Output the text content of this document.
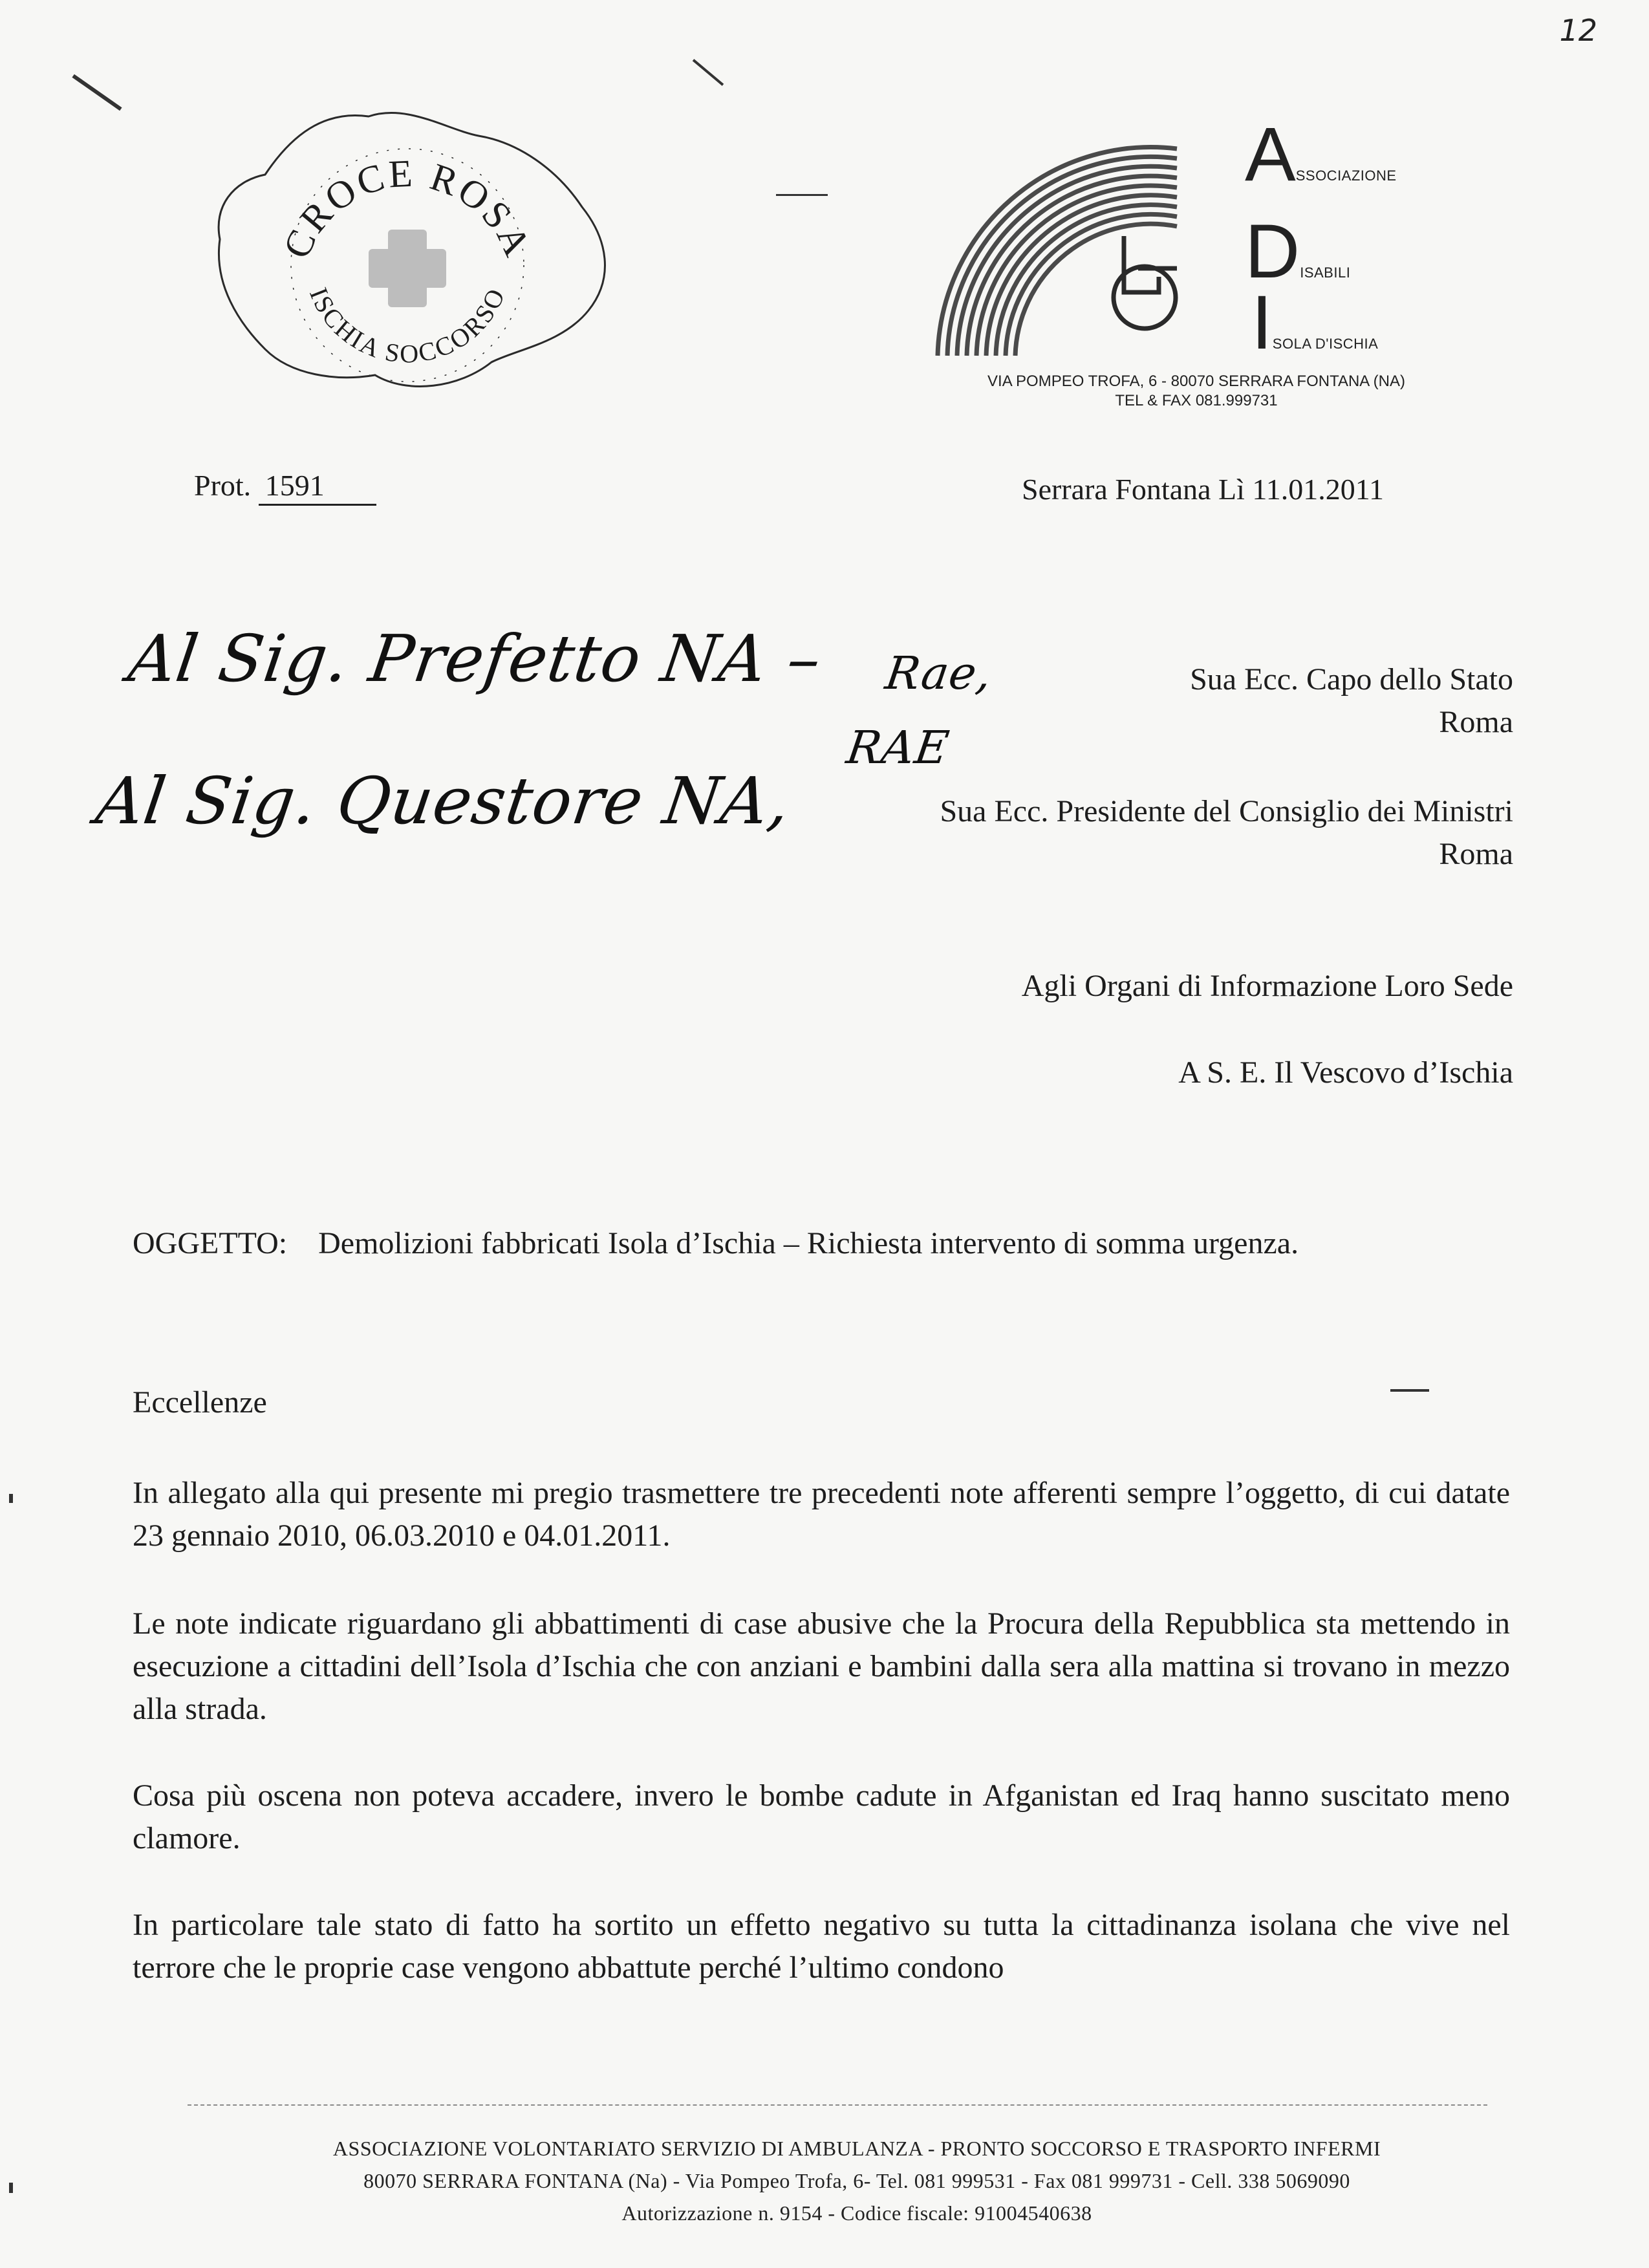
12
CROCE ROSA
ISCHIA SOCCORSO
ASSOCIAZIONE
DISABILI
ISOLA D'ISCHIA
VIA POMPEO TROFA, 6 - 80070 SERRARA FONTANA (NA)
TEL & FAX 081.999731
Prot. 1591	Serrara Fontana Lì 11.01.2011
Al Sig. Prefetto NA – Rae,
Al Sig. Questore NA,
RAE
Sua Ecc. Capo dello Stato
Roma
Sua Ecc. Presidente del Consiglio dei Ministri
Roma
Agli Organi di Informazione Loro Sede
A S. E. Il Vescovo d’Ischia
OGGETTO: Demolizioni fabbricati Isola d’Ischia – Richiesta intervento di somma urgenza.
Eccellenze
In allegato alla qui presente mi pregio trasmettere tre precedenti note afferenti sempre l’oggetto, di cui datate 23 gennaio 2010, 06.03.2010 e 04.01.2011.
Le note indicate riguardano gli abbattimenti di case abusive che la Procura della Repubblica sta mettendo in esecuzione a cittadini dell’Isola d’Ischia che con anziani e bambini dalla sera alla mattina si trovano in mezzo alla strada.
Cosa più oscena non poteva accadere, invero le bombe cadute in Afganistan ed Iraq hanno suscitato meno clamore.
In particolare tale stato di fatto ha sortito un effetto negativo su tutta la cittadinanza isolana che vive nel terrore che le proprie case vengono abbattute perché l’ultimo condono
ASSOCIAZIONE VOLONTARIATO SERVIZIO DI AMBULANZA - PRONTO SOCCORSO E TRASPORTO INFERMI
80070 SERRARA FONTANA (Na) - Via Pompeo Trofa, 6- Tel. 081 999531 - Fax 081 999731 - Cell. 338 5069090
Autorizzazione n. 9154 - Codice fiscale: 91004540638
